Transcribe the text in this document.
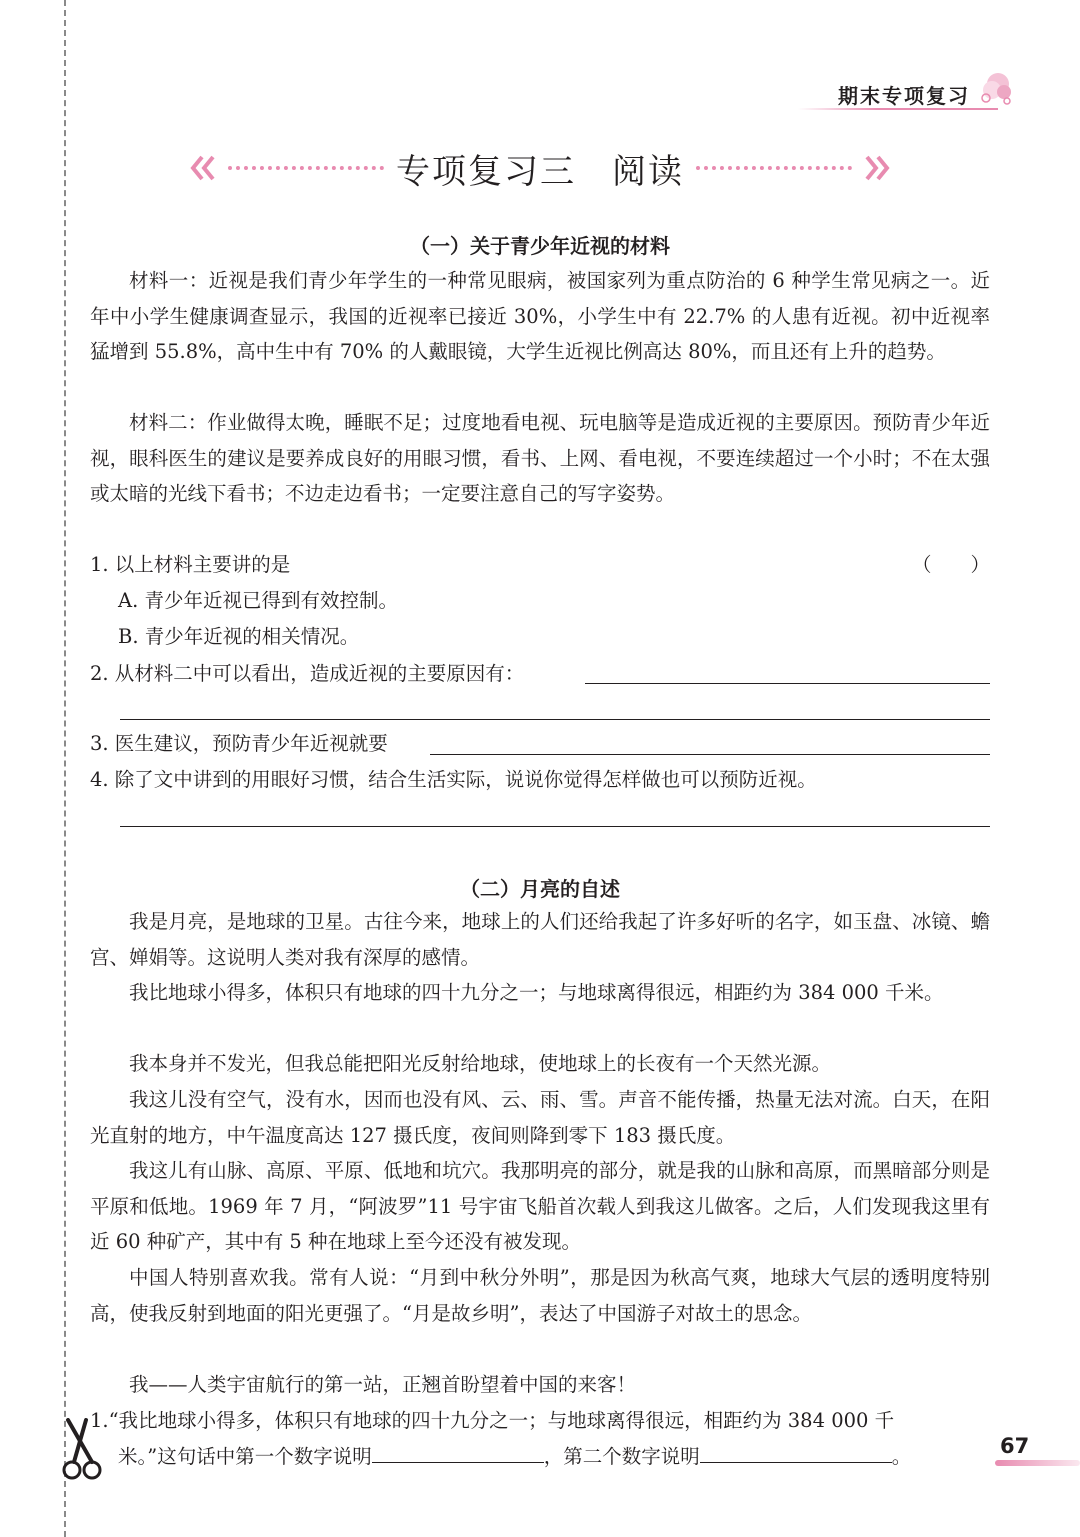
期末专项复习
专项复习三　阅读
（一）关于青少年近视的材料

材料一：近视是我们青少年学生的一种常见眼病，被国家列为重点防治的 6 种学生常见病之一。近年中小学生健康调查显示，我国的近视率已接近 30%，小学生中有 22.7% 的人患有近视。初中近视率猛增到 55.8%，高中生中有 70% 的人戴眼镜，大学生近视比例高达 80%，而且还有上升的趋势。

材料二：作业做得太晚，睡眠不足；过度地看电视、玩电脑等是造成近视的主要原因。预防青少年近视，眼科医生的建议是要养成良好的用眼习惯，看书、上网、看电视，不要连续超过一个小时；不在太强或太暗的光线下看书；不边走边看书；一定要注意自己的写字姿势。

1. 以上材料主要讲的是	（　　）
A. 青少年近视已得到有效控制。
B. 青少年近视的相关情况。
2. 从材料二中可以看出，造成近视的主要原因有：
3. 医生建议，预防青少年近视就要
4. 除了文中讲到的用眼好习惯，结合生活实际，说说你觉得怎样做也可以预防近视。
（二）月亮的自述

我是月亮，是地球的卫星。古往今来，地球上的人们还给我起了许多好听的名字，如玉盘、冰镜、蟾宫、婵娟等。这说明人类对我有深厚的感情。

我比地球小得多，体积只有地球的四十九分之一；与地球离得很远，相距约为 384 000 千米。

我本身并不发光，但我总能把阳光反射给地球，使地球上的长夜有一个天然光源。

我这儿没有空气，没有水，因而也没有风、云、雨、雪。声音不能传播，热量无法对流。白天，在阳光直射的地方，中午温度高达 127 摄氏度，夜间则降到零下 183 摄氏度。

我这儿有山脉、高原、平原、低地和坑穴。我那明亮的部分，就是我的山脉和高原，而黑暗部分则是平原和低地。1969 年 7 月，“阿波罗”11 号宇宙飞船首次载人到我这儿做客。之后，人们发现我这里有近 60 种矿产，其中有 5 种在地球上至今还没有被发现。

中国人特别喜欢我。常有人说：“月到中秋分外明”，那是因为秋高气爽，地球大气层的透明度特别高，使我反射到地面的阳光更强了。“月是故乡明”，表达了中国游子对故土的思念。

我——人类宇宙航行的第一站，正翘首盼望着中国的来客！

1.“我比地球小得多，体积只有地球的四十九分之一；与地球离得很远，相距约为 384 000 千
米。”这句话中第一个数字说明	，第二个数字说明	。	67
